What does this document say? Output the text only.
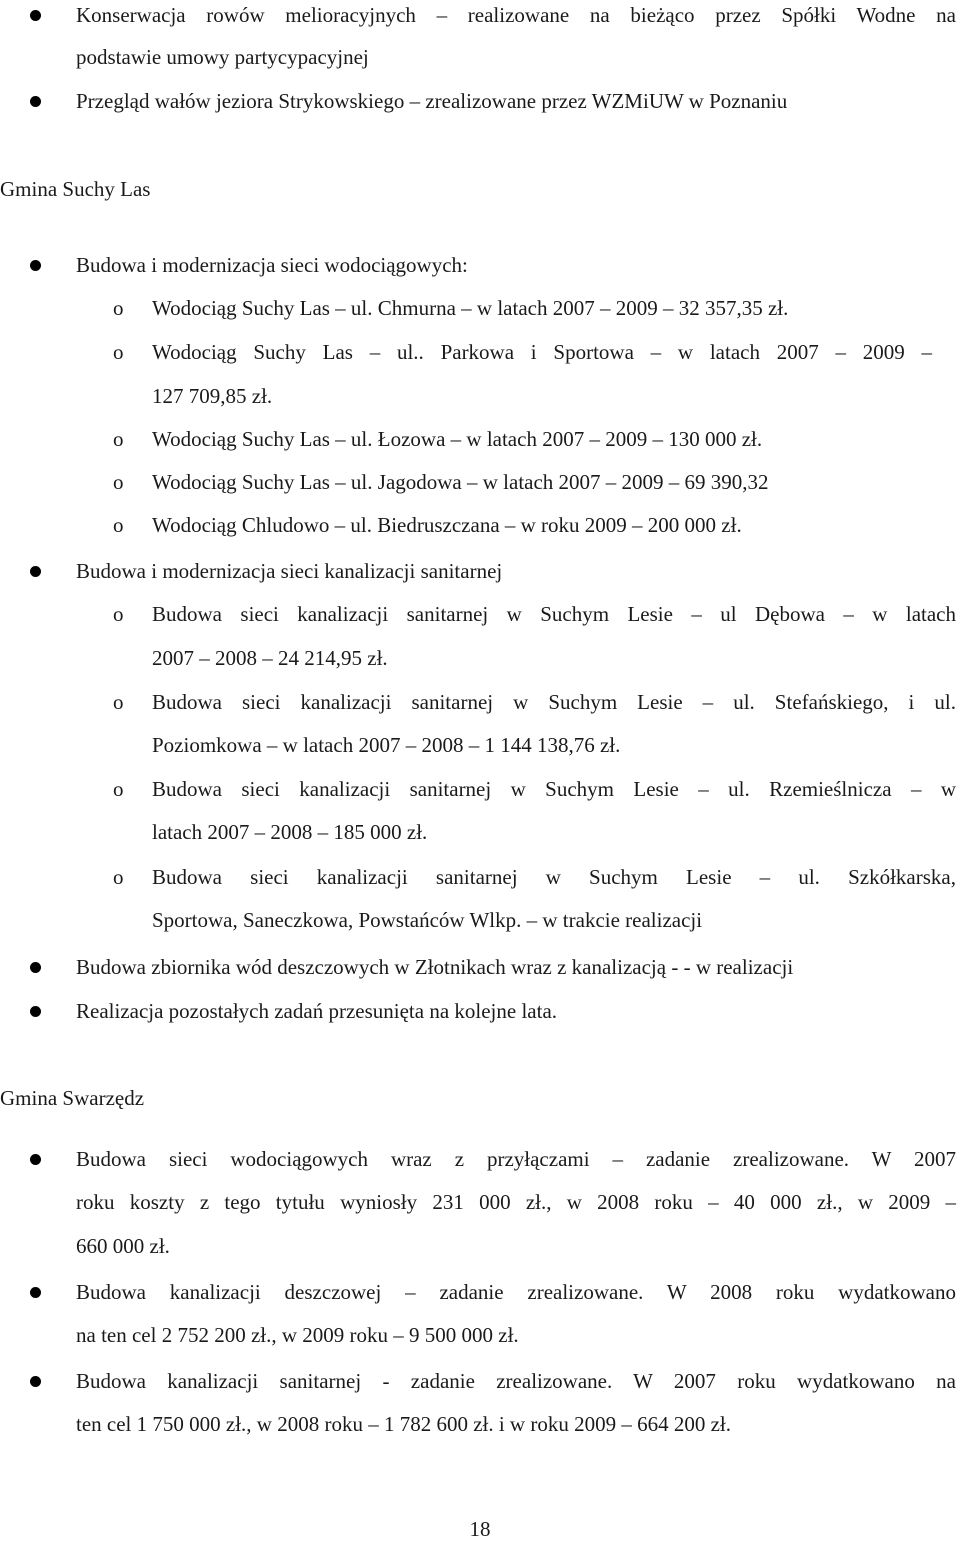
Konserwacja rowów melioracyjnych – realizowane na bieżąco przez Spółki Wodne na
podstawie umowy partycypacyjnej
Przegląd wałów jeziora Strykowskiego – zrealizowane przez WZMiUW w Poznaniu
Gmina Suchy Las
Budowa i modernizacja sieci wodociągowych:
o Wodociąg Suchy Las – ul. Chmurna – w latach 2007 – 2009 – 32 357,35 zł.
o Wodociąg Suchy Las – ul.. Parkowa i Sportowa – w latach 2007 – 2009 –
127 709,85 zł.
o Wodociąg Suchy Las – ul. Łozowa – w latach 2007 – 2009 – 130 000 zł.
o Wodociąg Suchy Las – ul. Jagodowa – w latach 2007 – 2009 – 69 390,32
o Wodociąg Chludowo – ul. Biedruszczana – w roku 2009 – 200 000 zł.
Budowa i modernizacja sieci kanalizacji sanitarnej
o Budowa sieci kanalizacji sanitarnej w Suchym Lesie – ul Dębowa – w latach
2007 – 2008 – 24 214,95 zł.
o Budowa sieci kanalizacji sanitarnej w Suchym Lesie – ul. Stefańskiego, i ul.
Poziomkowa – w latach 2007 – 2008 – 1 144 138,76 zł.
o Budowa sieci kanalizacji sanitarnej w Suchym Lesie – ul. Rzemieślnicza – w
latach 2007 – 2008 – 185 000 zł.
o Budowa sieci kanalizacji sanitarnej w Suchym Lesie – ul. Szkółkarska,
Sportowa, Saneczkowa, Powstańców Wlkp. – w trakcie realizacji
Budowa zbiornika wód deszczowych w Złotnikach wraz z kanalizacją - - w realizacji
Realizacja pozostałych zadań przesunięta na kolejne lata.
Gmina Swarzędz
Budowa sieci wodociągowych wraz z przyłączami – zadanie zrealizowane. W 2007
roku koszty z tego tytułu wyniosły 231 000 zł., w 2008 roku – 40 000 zł., w 2009 –
660 000 zł.
Budowa kanalizacji deszczowej – zadanie zrealizowane. W 2008 roku wydatkowano
na ten cel 2 752 200 zł., w 2009 roku – 9 500 000 zł.
Budowa kanalizacji sanitarnej - zadanie zrealizowane. W 2007 roku wydatkowano na
ten cel 1 750 000 zł., w 2008 roku – 1 782 600 zł. i w roku 2009 – 664 200 zł.
18
